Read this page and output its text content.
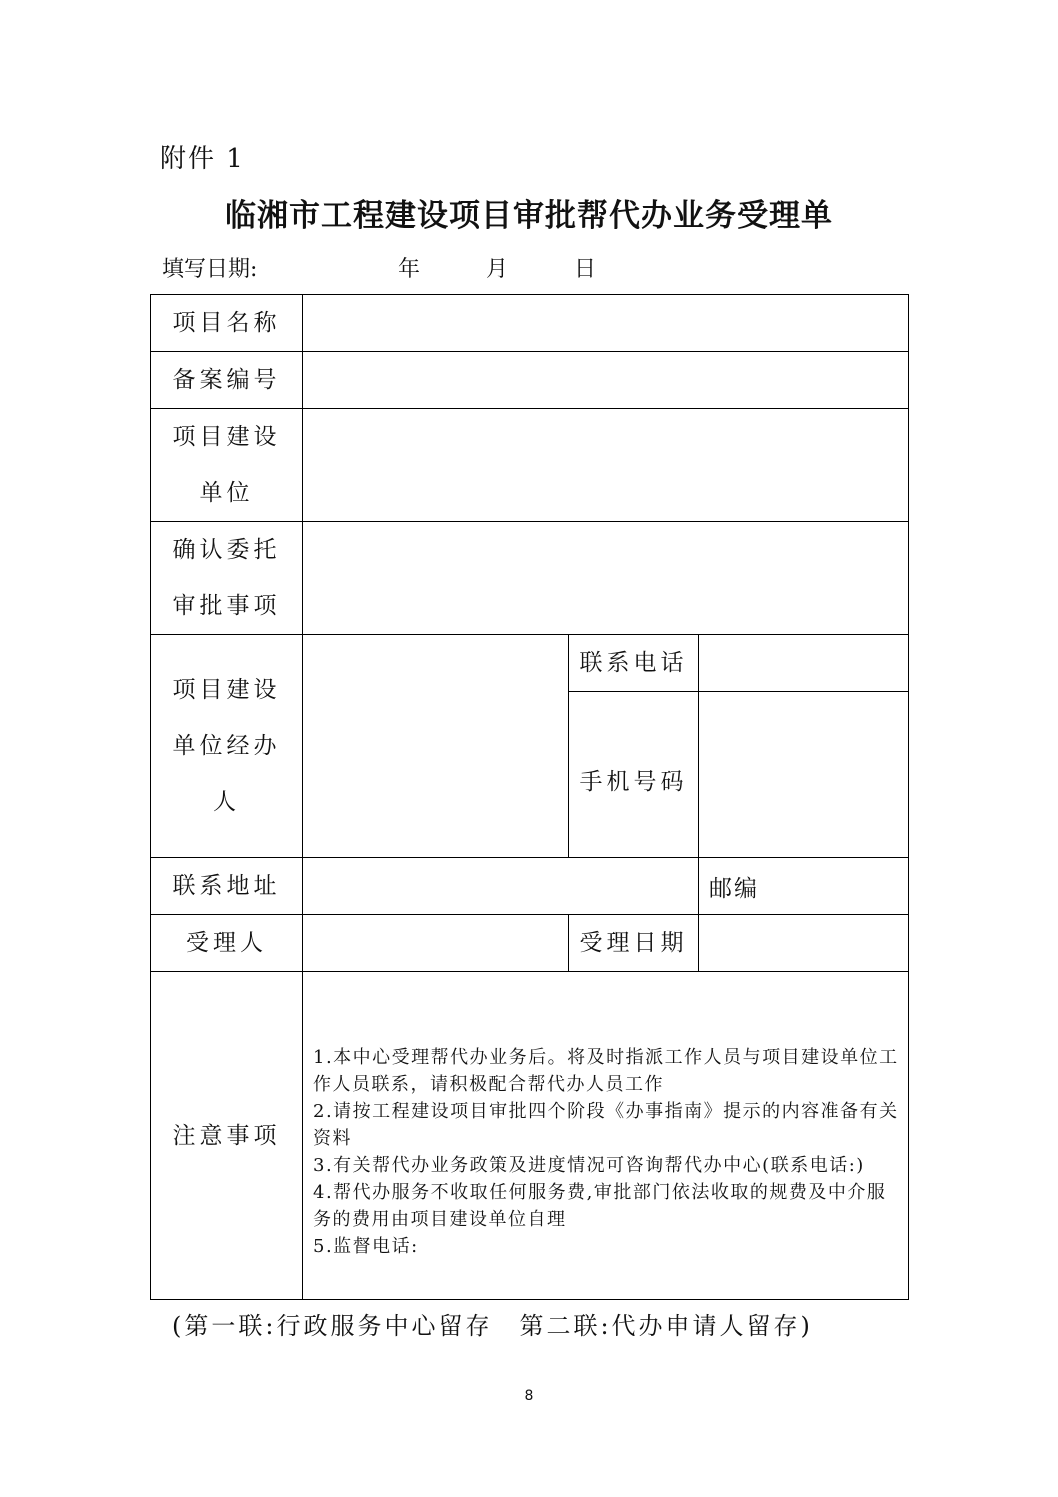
附件 1
临湘市工程建设项目审批帮代办业务受理单
填写日期:	年	月	日
项目名称			
备案编号			

项目建设
单位			

确认委托
审批事项			

项目建设
单位经办
人		联系电话	
		手机号码	
联系地址			邮编
受理人		受理日期	
注意事项	1.本中心受理帮代办业务后。将及时指派工作人员与项目建设单位工作人员联系，请积极配合帮代办人员工作
2.请按工程建设项目审批四个阶段《办事指南》提示的内容准备有关资料
3.有关帮代办业务政策及进度情况可咨询帮代办中心(联系电话:)
4.帮代办服务不收取任何服务费,审批部门依法收取的规费及中介服务的费用由项目建设单位自理
5.监督电话:		
(第一联:行政服务中心留存　第二联:代办申请人留存)
8
